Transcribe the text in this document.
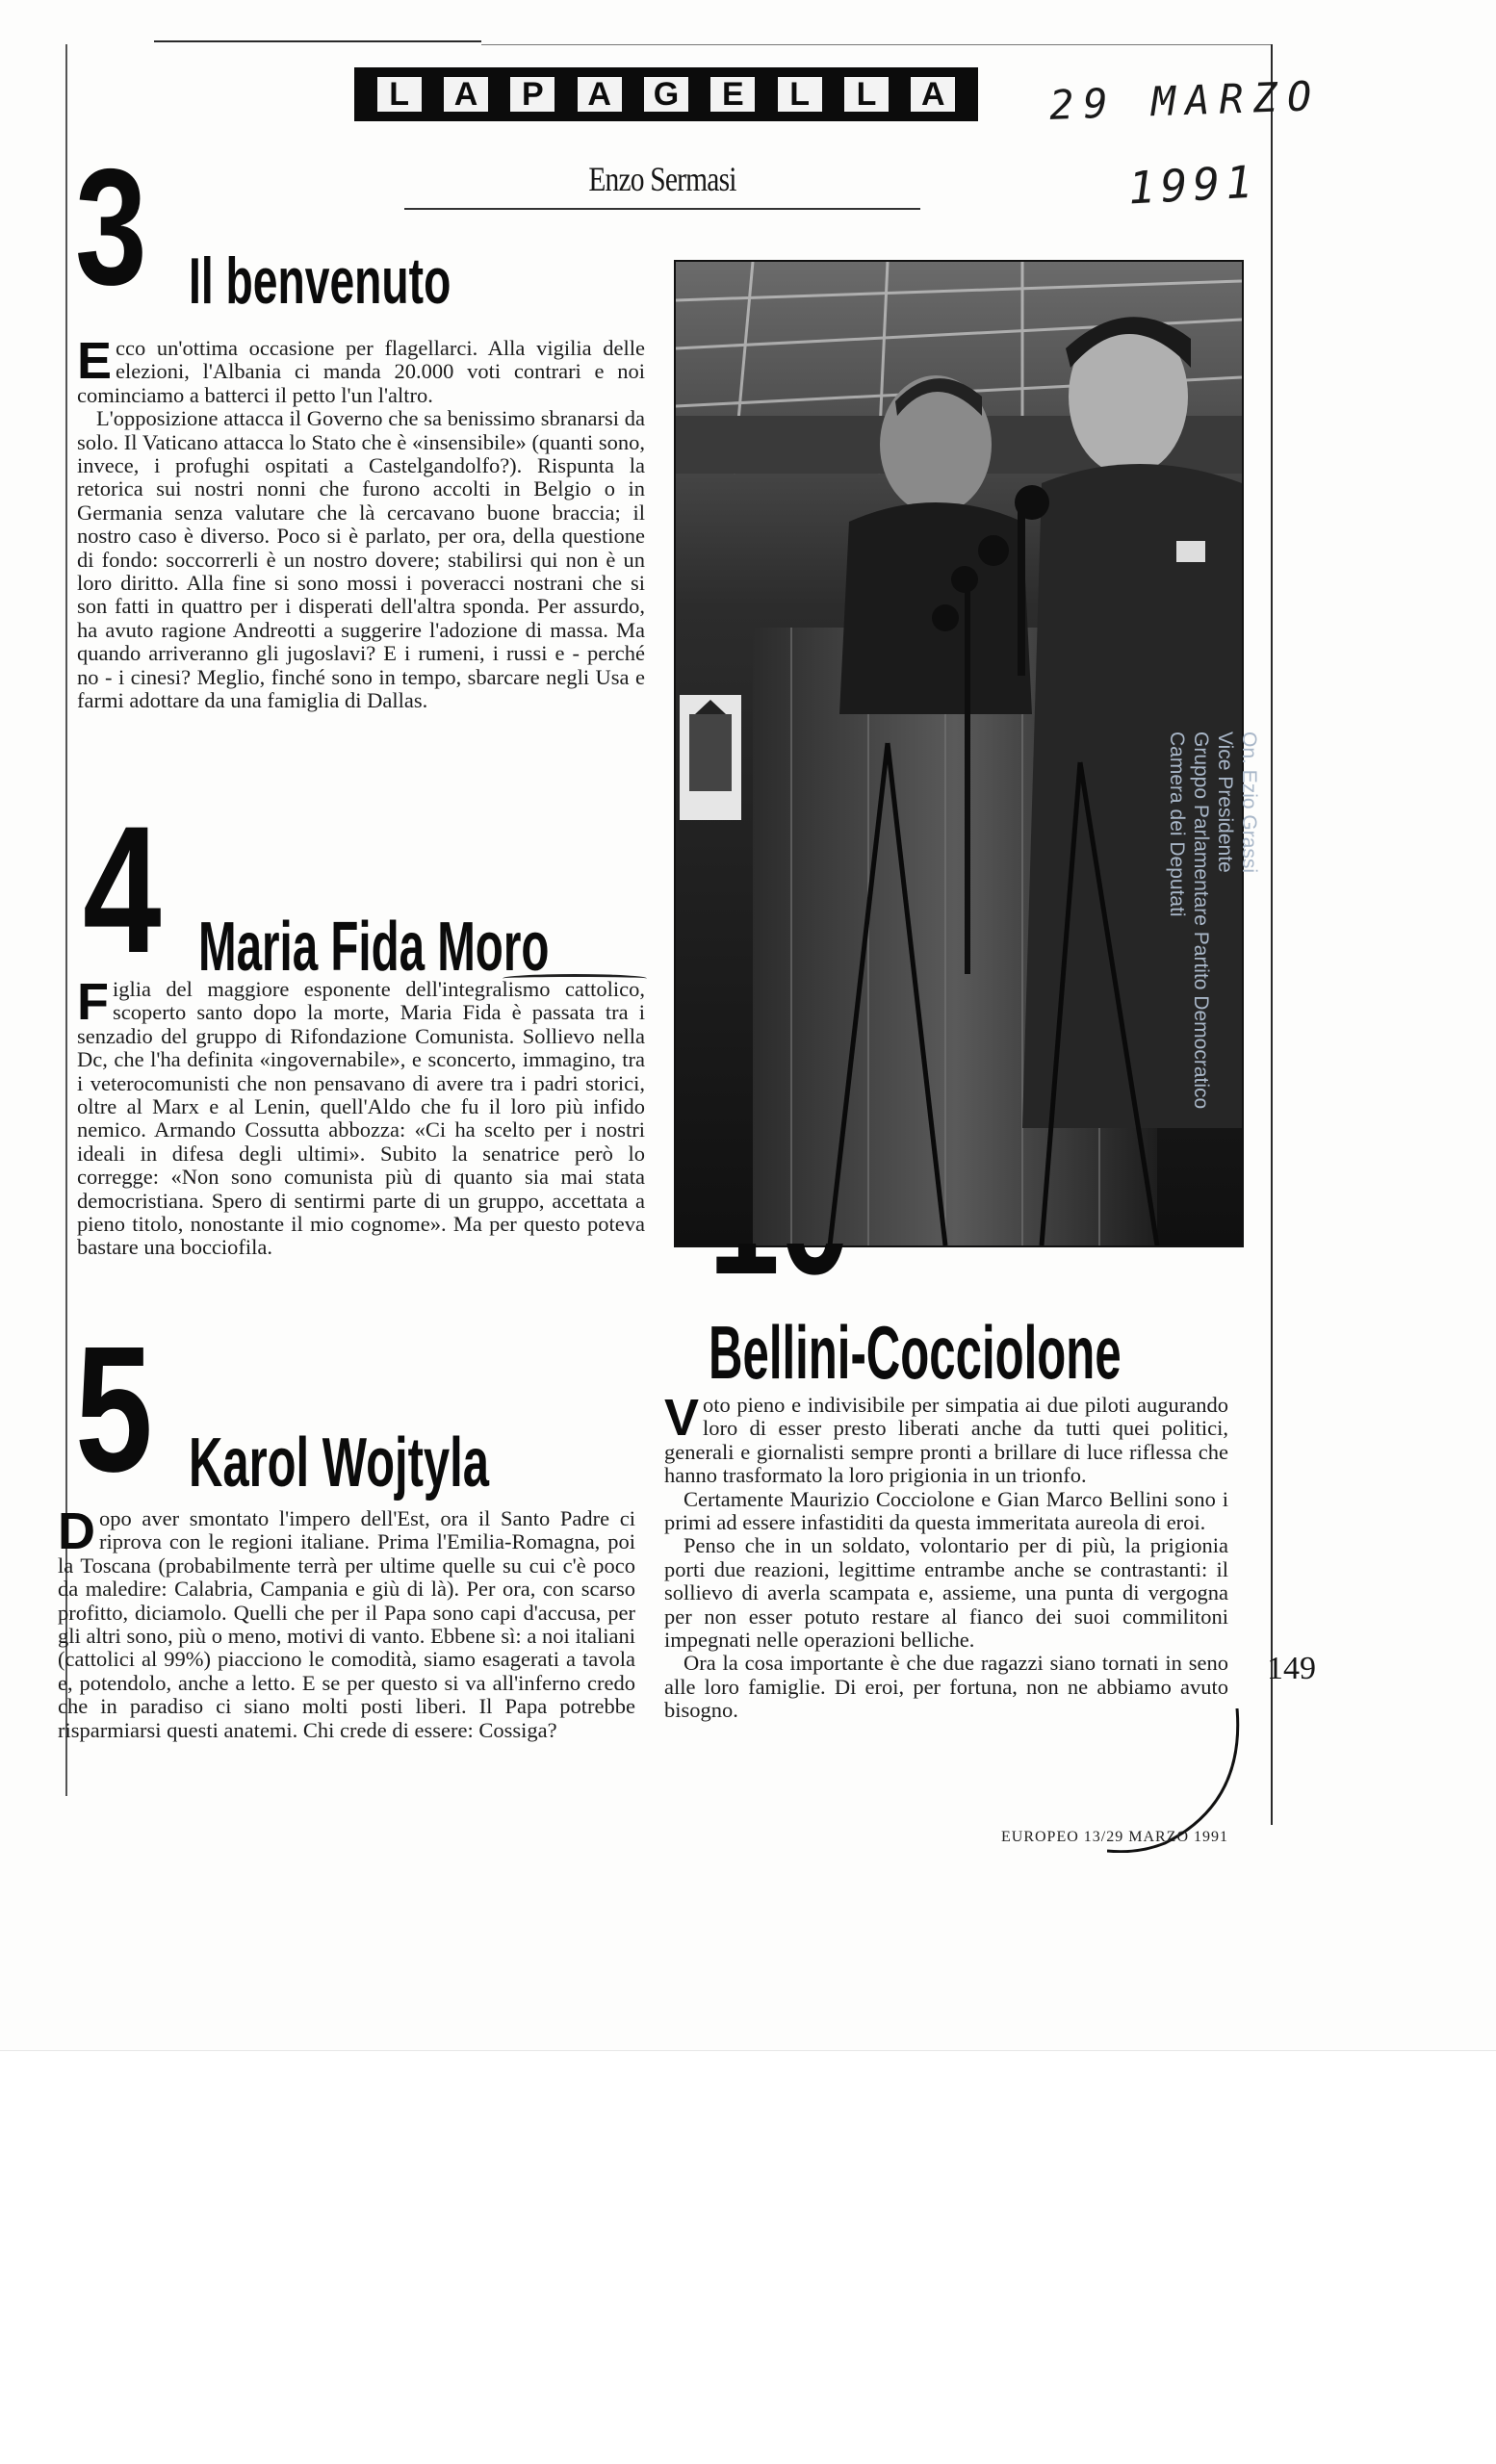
L	A	P	A	G	E	L	L	A	29 MARZO
1991
Enzo Sermasi
3 Il benvenuto
E cco un'ottima occasione per flagellarci. Alla vigilia delle elezioni, l'Albania ci manda 20.000 voti contrari e noi cominciamo a batterci il petto l'un l'altro.

L'opposizione attacca il Governo che sa benissimo sbranarsi da solo. Il Vaticano attacca lo Stato che è «insensibile» (quanti sono, invece, i profughi ospitati a Castelgandolfo?). Rispunta la retorica sui nostri nonni che furono accolti in Belgio o in Germania senza valutare che là cercavano buone braccia; il nostro caso è diverso. Poco si è parlato, per ora, della questione di fondo: soccorrerli è un nostro dovere; stabilirsi qui non è un loro diritto. Alla fine si sono mossi i poveracci nostrani che si son fatti in quattro per i disperati dell'altra sponda. Per assurdo, ha avuto ragione Andreotti a suggerire l'adozione di massa. Ma quando arriveranno gli jugoslavi? E i rumeni, i russi e - perché no - i cinesi? Meglio, finché sono in tempo, sbarcare negli Usa e farmi adottare da una famiglia di Dallas.

4 Maria Fida Moro
F iglia del maggiore esponente dell'integralismo cattolico, scoperto santo dopo la morte, Maria Fida è passata tra i senzadio del gruppo di Rifondazione Comunista. Sollievo nella Dc, che l'ha definita «ingovernabile», e sconcerto, immagino, tra i veterocomunisti che non pensavano di avere tra i padri storici, oltre al Marx e al Lenin, quell'Aldo che fu il loro più infido nemico. Armando Cossutta abbozza: «Ci ha scelto per i nostri ideali in difesa degli ultimi». Subito la senatrice però lo corregge: «Non sono comunista più di quanto sia mai stata democristiana. Spero di sentirmi parte di un gruppo, accettata a pieno titolo, nonostante il mio cognome». Ma per questo poteva bastare una bocciofila.

5 Karol Wojtyla
D opo aver smontato l'impero dell'Est, ora il Santo Padre ci riprova con le regioni italiane. Prima l'Emilia-Romagna, poi la Toscana (probabilmente terrà per ultime quelle su cui c'è poco da maledire: Calabria, Campania e giù di là). Per ora, con scarso profitto, diciamolo. Quelli che per il Papa sono capi d'accusa, per gli altri sono, più o meno, motivi di vanto. Ebbene sì: a noi italiani (cattolici al 99%) piacciono le comodità, siamo esagerati a tavola e, potendolo, anche a letto. E se per questo si va all'inferno credo che in paradiso ci siano molti posti liberi. Il Papa potrebbe risparmiarsi questi anatemi. Chi crede di essere: Cossiga?

Bellini-Cocciolone
V oto pieno e indivisibile per simpatia ai due piloti augurando loro di esser presto liberati anche da tutti quei politici, generali e giornalisti sempre pronti a brillare di luce riflessa che hanno trasformato la loro prigionia in un trionfo.

Certamente Maurizio Cocciolone e Gian Marco Bellini sono i primi ad essere infastiditi da questa immeritata aureola di eroi.

Penso che in un soldato, volontario per di più, la prigionia porti due reazioni, legittime entrambe anche se contrastanti: il sollievo di averla scampata e, assieme, una punta di vergogna per non esser potuto restare al fianco dei suoi commilitoni impegnati nelle operazioni belliche.

Ora la cosa importante è che due ragazzi siano tornati in seno alle loro famiglie. Di eroi, per fortuna, non ne abbiamo avuto bisogno.

On. Ezio Grassi
Vice Presidente
Gruppo Parlamentare Partito Democratico
Camera dei Deputati
149
EUROPEO 13/29 MARZO 1991
